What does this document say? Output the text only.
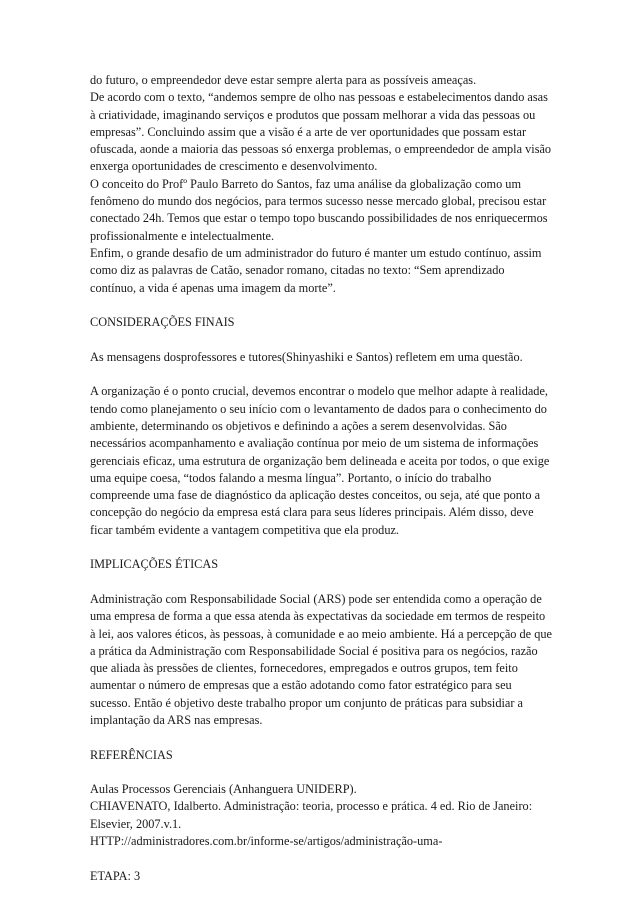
do futuro, o empreendedor deve estar sempre alerta para as possíveis ameaças.

De acordo com o texto, “andemos sempre de olho nas pessoas e estabelecimentos dando asas à criatividade, imaginando serviços e produtos que possam melhorar a vida das pessoas ou empresas”. Concluindo assim que a visão é a arte de ver oportunidades que possam estar ofuscada, aonde a maioria das pessoas só enxerga problemas, o empreendedor de ampla visão enxerga oportunidades de crescimento e desenvolvimento.

O conceito do Profº Paulo Barreto do Santos, faz uma análise da globalização como um fenômeno do mundo dos negócios, para termos sucesso nesse mercado global, precisou estar conectado 24h. Temos que estar o tempo topo buscando possibilidades de nos enriquecermos profissionalmente e intelectualmente.

Enfim, o grande desafio de um administrador do futuro é manter um estudo contínuo, assim como diz as palavras de Catão, senador romano, citadas no texto: “Sem aprendizado contínuo, a vida é apenas uma imagem da morte”.

CONSIDERAÇÕES FINAIS

As mensagens dosprofessores e tutores(Shinyashiki e Santos) refletem em uma questão.

A organização é o ponto crucial, devemos encontrar o modelo que melhor adapte à realidade, tendo como planejamento o seu início com o levantamento de dados para o conhecimento do ambiente, determinando os objetivos e definindo a ações a serem desenvolvidas. São necessários acompanhamento e avaliação contínua por meio de um sistema de informações gerenciais eficaz, uma estrutura de organização bem delineada e aceita por todos, o que exige uma equipe coesa, “todos falando a mesma língua”. Portanto, o início do trabalho compreende uma fase de diagnóstico da aplicação destes conceitos, ou seja, até que ponto a concepção do negócio da empresa está clara para seus líderes principais. Além disso, deve ficar também evidente a vantagem competitiva que ela produz.

IMPLICAÇÕES ÉTICAS

Administração com Responsabilidade Social (ARS) pode ser entendida como a operação de uma empresa de forma a que essa atenda às expectativas da sociedade em termos de respeito à lei, aos valores éticos, às pessoas, à comunidade e ao meio ambiente. Há a percepção de que a prática da Administração com Responsabilidade Social é positiva para os negócios, razão que aliada às pressões de clientes, fornecedores, empregados e outros grupos, tem feito aumentar o número de empresas que a estão adotando como fator estratégico para seu sucesso. Então é objetivo deste trabalho propor um conjunto de práticas para subsidiar a implantação da ARS nas empresas.

REFERÊNCIAS

Aulas Processos Gerenciais (Anhanguera UNIDERP).

CHIAVENATO, Idalberto. Administração: teoria, processo e prática. 4 ed. Rio de Janeiro: Elsevier, 2007.v.1.

HTTP://administradores.com.br/informe-se/artigos/administração-uma-

ETAPA: 3
